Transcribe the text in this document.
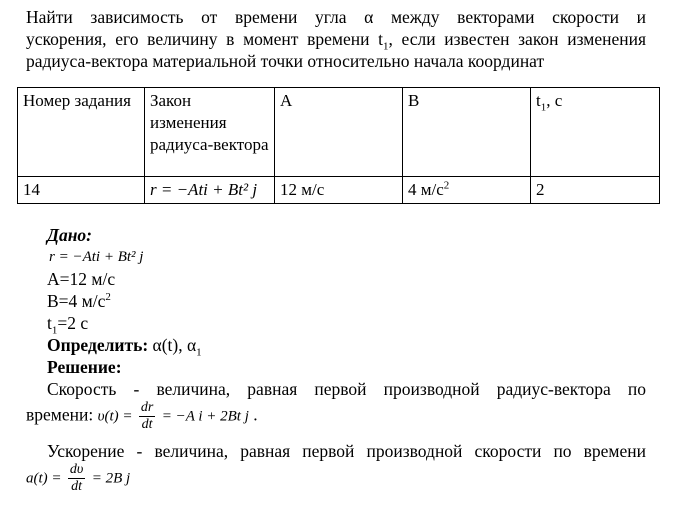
Найти зависимость от времени угла α между векторами скорости и
ускорения, его величину в момент времени $t_1$, если известен закон изменения
радиуса-вектора материальной точки относительно начала координат
Номер задания	Закон изменения радиуса-вектора	А	В	$t_1$, с
14	r = −Ati + Bt² j	12 м/с	4 $м/с^2$	2
Дано:
r = −Ati + Bt² j
А=12 м/с
В=4 $м/с^2$
$t_1=2$ с
Определить: α(t), $\alpha_1$
Решение:
Скорость - величина, равная первой производной радиус-вектора по
времени: $\upsilon(t) = \frac{dr}{dt} = -A$ i + 2Bt j .
Ускорение - величина, равная первой производной скорости по времени
$a(t) = \frac{d\upsilon}{dt} = 2B$ j
